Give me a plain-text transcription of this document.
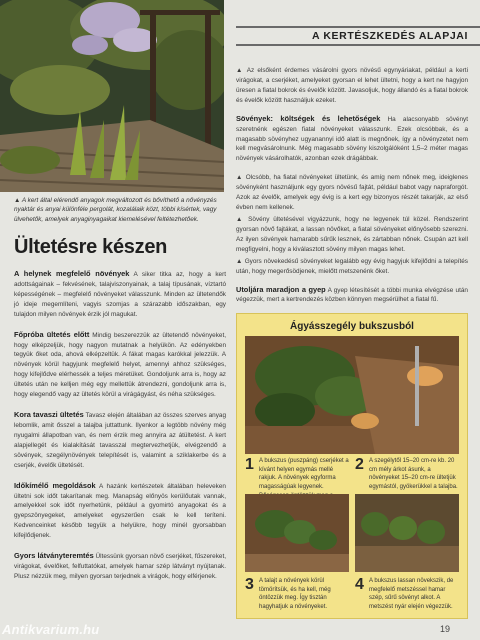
▲ A kert által elérendő anyagok megváltozott és bővíthető a nővényzés nyaktár és anyai különféle pergolát, kozalálaik közt, többi kísértek, vagy ülvehetők, amelyek anyaginyagaikat kiemelésével feltétezhetőek.
Ültetésre készen

A helynek megfelelő növények A siker titka az, hogy a kert adottságainak – fekvésének, talajviszonyainak, a talaj típusának, víztartó képességének – megfelelő növényeket válasszunk. Minden az ültetendők jó ideje megemlíteni, vagyis szomjas a szárazabb időszakban, egy tulajdon milyen növények érzik jól magukat.

Főpróba ültetés előtt Mindig beszerezzük az ültetendő növényeket, hogy elképzeljük, hogy nagyon mutatnak a helyükön. Az edényekben tegyük őket oda, ahová elképzeltük. A fákat magas karókkal jelezzük. A növények körül hagyjunk megfelelő helyet, amennyi ahhoz szükséges, hogy kifejlődve elérhessék a teljes méretüket. Gondoljunk arra is, hogy az ültetés után ne kelljen még egy mellettük átrendezni, gondoljunk arra is, hogy elegendő vagy az ültetés körül a virágágyást, és néha szükséges.

Kora tavaszi ültetés Tavasz elején általában az összes szerves anyag lebomlik, amit ősszel a talajba juttattunk. Ilyenkor a legtöbb növény még nyugalmi állapotban van, és nem érzik meg annyira az átültetést. A kert alapjellegét és kialakítását tavasszal megtervezhetjük, elvégzendő a sövények, szegélynövények telepítését is, valamint a sziklakerbe és a cserjék, évelők ültetését.

Időkímélő megoldások A hazánk kertészetek általában heleveken ültetni sok időt takarítanak meg. Manapság előnyös kerülőutak vannak, amelyekkel sok időt nyerhetünk, például a gyomirtó anyagokat és a gyepszönyegeket, amelyeket egyszerűen csak le kell teríteni. Kedvenceinket később tegyük a helyükre, hogy minél gyorsabban kifejlődjenek.

Gyors látványteremtés Ültessünk gyorsan növő cserjéket, fűszereket, virágokat, évelőket, felfuttatókat, amelyek hamar szép látványt nyújtanak. Plusz nézzük meg, milyen gyorsan terjednek a virágok, hogy elférjenek.

A KERTÉSZKEDÉS ALAPJAI

▲ Az elsőként érdemes vásárolni gyors növésű egynyáriakat, például a kerti virágokat, a cserjéket, amelyeket gyorsan el lehet ültetni, hogy a kert ne hagyjon üresen a fiatal bokrok és évelők között. Javasoljuk, hogy állandó és a fiatal bokrok és évelők között használjuk ezeket.

Sövények: költségek és lehetőségek Ha alacsonyabb sövényt szeretnénk egészen fiatal növényeket válasszunk. Ezek olcsóbbak, és a magasabb sövényhez ugyanannyi idő alatt is megnőnek, így a növényzetet nem kell megvásárolnunk. Még magasabb sövény kiszolgálóként 1,5–2 méter magas növények vásárolhatók, azonban ezek drágábbak.

▲ Olcsóbb, ha fiatal növényeket ültetünk, és amíg nem nőnek meg, ideiglenes sövényként használjunk egy gyors növésű fajtát, például babot vagy napraforgót. Azok az évelők, amelyek egy évig is a kert egy bizonyos részét takarják, az első évben nem kellenek.

▲ Sövény ültetésével vigyázzunk, hogy ne legyenek túl közel. Rendszerint gyorsan növő fajtákat, a lassan növőket, a fiatal sövényeket előnyösebb szerezni. Az ilyen sövények hamarabb sűrűk lesznek, és zártabban nőnek. Csupán azt kell megfigyelni, hogy a kiválasztott sövény milyen magas lehet.

▲ Gyors növekedésű sövényeket legalább egy évig hagyjuk kifejlődni a telepítés után, hogy megerősödjenek, mielőtt metszenénk őket.

Utoljára maradjon a gyep A gyep létesítését a többi munka elvégzése után végezzük, mert a kertrendezés közben könnyen megsérülhet a fiatal fű.

Ágyásszegély bukszusból
1 A bukszus (puszpáng) cserjéket a kívánt helyen egymás mellé rakjuk. A növények egyforma magasságúak legyenek.
2 A szegélytől 15–20 cm-re kb. 20 cm mély árkot ásunk, a növényeket 15–20 cm-re ültetjük egymástól, gyökerükkel a talajba.
3 A talajt a növények körül tömörítsük, és ha kell, még öntözzük meg. Így tisztán hagyhatjuk a növényeket.
4 A bukszus lassan növekszik, de megfelelő metszéssel hamar szép, sűrű sövényt alkot. A metszést nyár elején végezzük.
Antikvarium.hu	19
